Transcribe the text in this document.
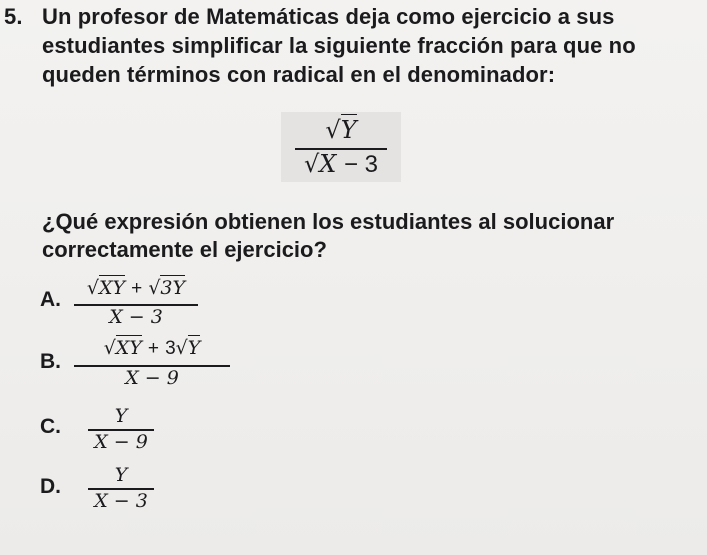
5. Un profesor de Matemáticas deja como ejercicio a sus
estudiantes simplificar la siguiente fracción para que no
queden términos con radical en el denominador:
√Y
√X − 3
¿Qué expresión obtienen los estudiantes al solucionar
correctamente el ejercicio?
A.	√XY + √3Y
X − 3
B.
√XY + 3√Y
X − 9
C.	Y
X − 9
D.	Y
X − 3
